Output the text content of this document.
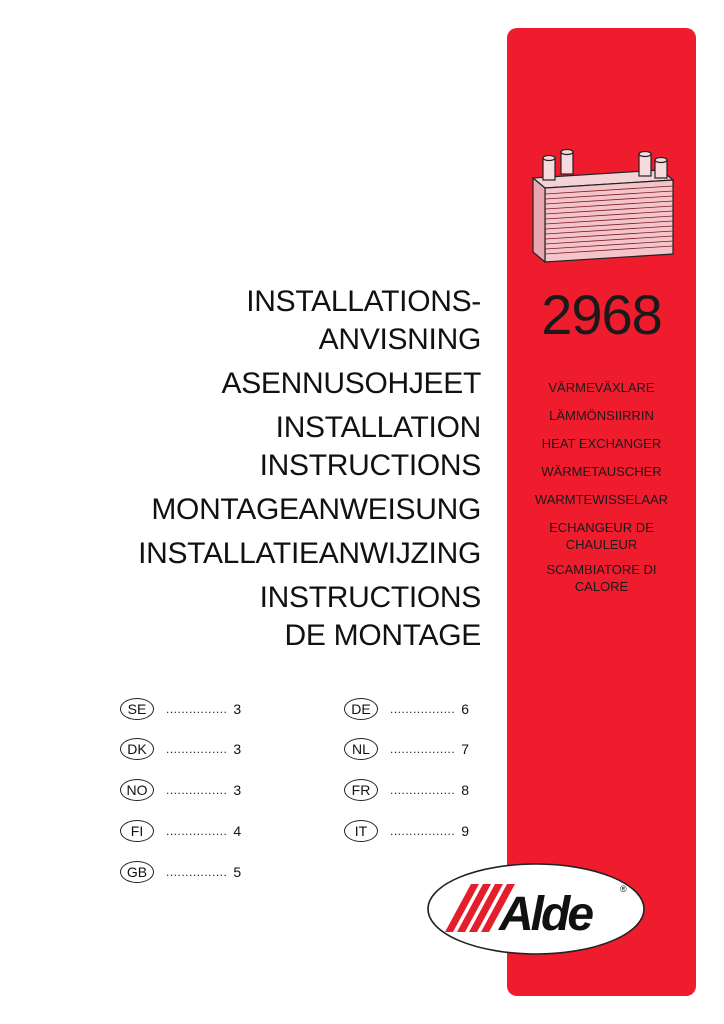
2968
VÄRMEVÄXLARE
LÄMMÖNSIIRRIN
HEAT EXCHANGER
WÄRMETAUSCHER
WARMTEWISSELAAR
ECHANGEUR DE
CHAULEUR
SCAMBIATORE DI
CALORE
INSTALLATIONS-
ANVISNING
ASENNUSOHJEET
INSTALLATION
INSTRUCTIONS
MONTAGEANWEISUNG
INSTALLATIEANWIJZING
INSTRUCTIONS
DE MONTAGE
SE	................ 3
DK	................ 3
NO	................ 3
FI	................ 4
GB	................ 5
DE	................. 6
NL	................. 7
FR	................. 8
IT	................. 9
Alde	®
